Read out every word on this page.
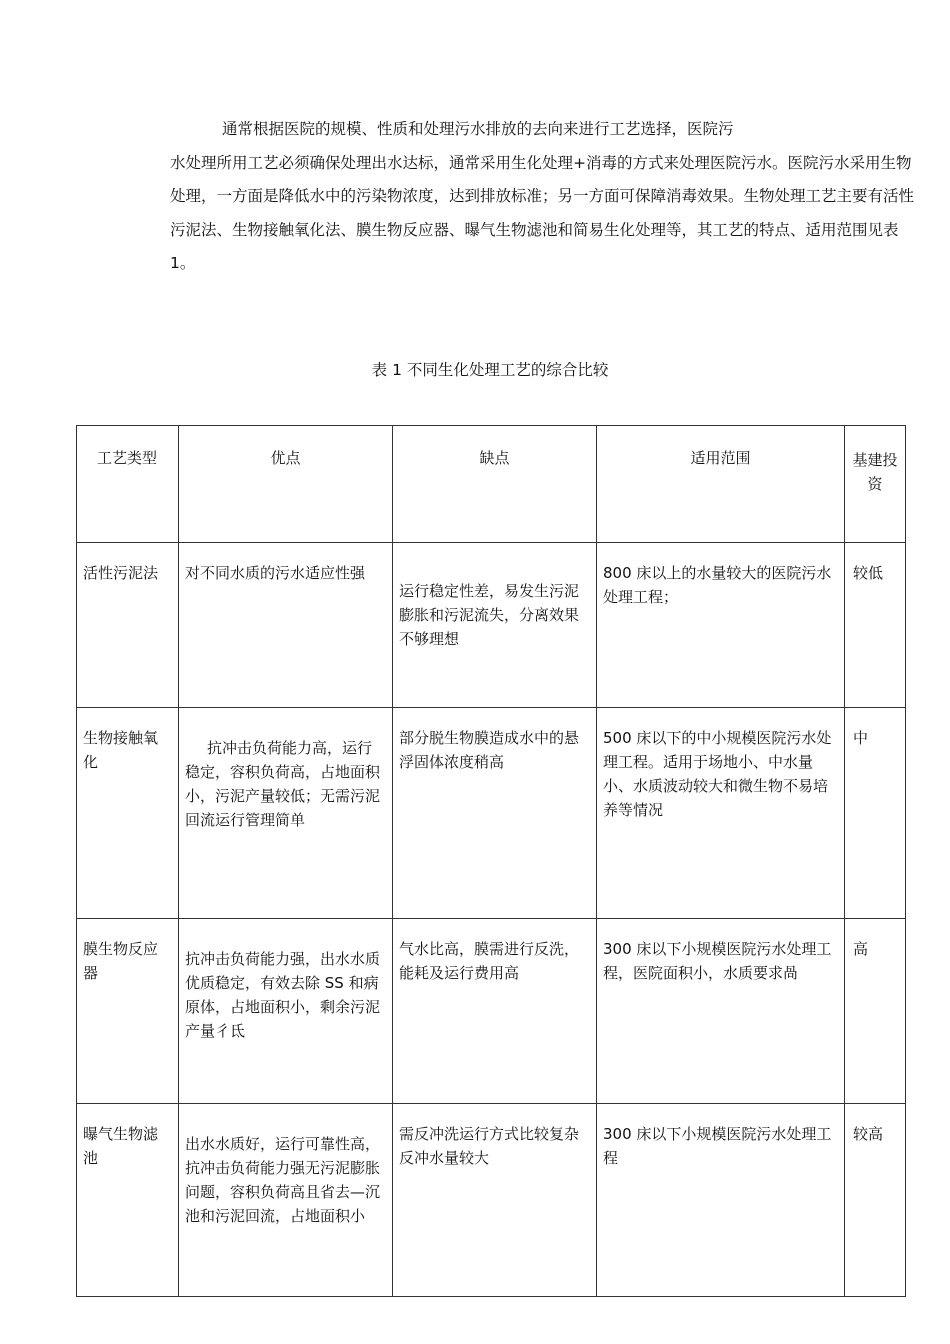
通常根据医院的规模、性质和处理污水排放的去向来进行工艺选择，医院污
水处理所用工艺必须确保处理出水达标，通常采用生化处理+消毒的方式来处理医院污水。医院污水采用生物处理，一方面是降低水中的污染物浓度，达到排放标准；另一方面可保障消毒效果。生物处理工艺主要有活性污泥法、生物接触氧化法、膜生物反应器、曝气生物滤池和简易生化处理等，其工艺的特点、适用范围见表 1。

表 1 不同生化处理工艺的综合比较

工艺类型	优点	缺点	适用范围	基建投资
活性污泥法	对不同水质的污水适应性强	运行稳定性差，易发生污泥膨胀和污泥流失，分离效果不够理想	800 床以上的水量较大的医院污水处理工程；	较低
生物接触氧化	抗冲击负荷能力高，运行稳定，容积负荷高，占地面积小，污泥产量较低；无需污泥回流运行管理简单	部分脱生物膜造成水中的悬浮固体浓度稍高	500 床以下的中小规模医院污水处理工程。适用于场地小、中水量小、水质波动较大和微生物不易培养等情况	中
膜生物反应器	抗冲击负荷能力强，出水水质优质稳定，有效去除 SS 和病原体，占地面积小，剩余污泥产量彳氐	气水比高，膜需进行反洗，能耗及运行费用高	300 床以下小规模医院污水处理工程，医院面积小，水质要求咼	高
曝气生物滤池	出水水质好，运行可靠性高，抗冲击负荷能力强无污泥膨胀问题，容积负荷高且省去—沉池和污泥回流，占地面积小	需反冲洗运行方式比较复杂反冲水量较大	300 床以下小规模医院污水处理工程	较高
